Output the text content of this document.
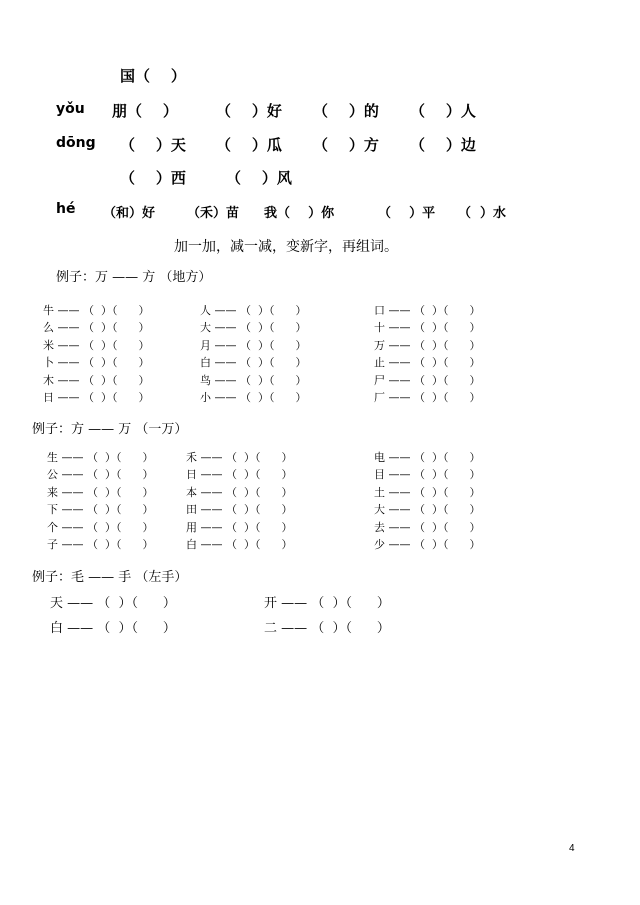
国（    ）
yǒu 朋（    ）	（    ）好 （    ）的 （    ）人
dōng （    ）天 （    ）瓜 （    ）方 （    ）边
（    ）西	（    ）风
hé （和）好 （禾）苗 我（    ）你	（    ）平 （  ）水
加一加，减一减，变新字，再组词。
例子：万 —— 方 （地方）
牛 —— （  ）（      ）	人 —— （  ）（      ）	口 —— （  ）（      ）
么 —— （  ）（      ）	大 —— （  ）（      ）	十 —— （  ）（      ）
米 —— （  ）（      ）	月 —— （  ）（      ）	万 —— （  ）（      ）
卜 —— （  ）（      ）	白 —— （  ）（      ）	止 —— （  ）（      ）
木 —— （  ）（      ）	鸟 —— （  ）（      ）	尸 —— （  ）（      ）
日 —— （  ）（      ）	小 —— （  ）（      ）	厂 —— （  ）（      ）
例子：方 —— 万 （一万）
生 —— （  ）（      ）	禾 —— （  ）（      ）	电 —— （  ）（      ）
公 —— （  ）（      ）	日 —— （  ）（      ）	目 —— （  ）（      ）
来 —— （  ）（      ）	本 —— （  ）（      ）	土 —— （  ）（      ）
下 —— （  ）（      ）	田 —— （  ）（      ）	大 —— （  ）（      ）
个 —— （  ）（      ）	用 —— （  ）（      ）	去 —— （  ）（      ）
子 —— （  ）（      ）	白 —— （  ）（      ）	少 —— （  ）（      ）
例子：毛 —— 手 （左手）
天 —— （  ）（      ）	开 —— （  ）（      ）
白 —— （  ）（      ）	二 —— （  ）（      ）
4
